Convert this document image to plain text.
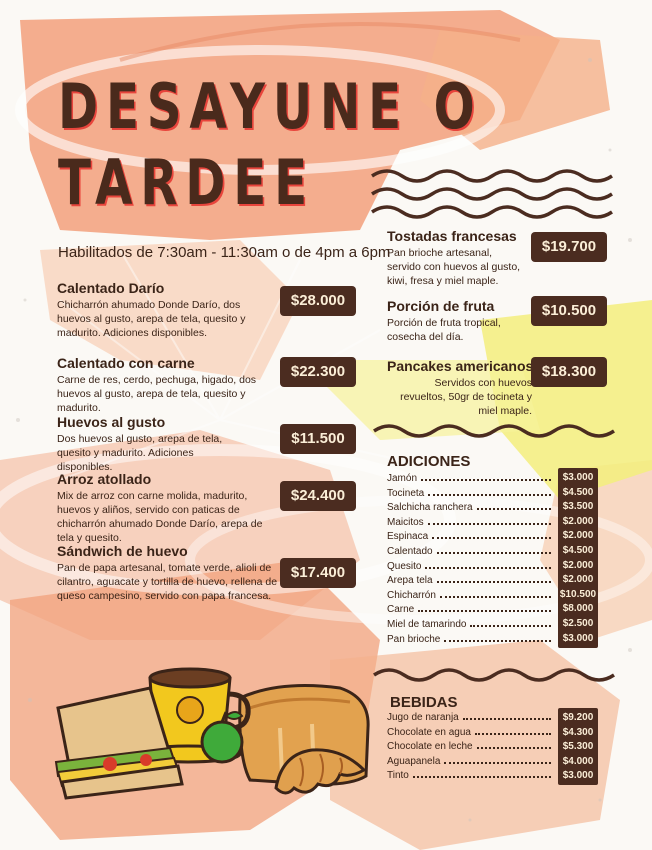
DESAYUNE O
TARDEE
Habilitados de 7:30am - 11:30am o de 4pm a 6pm
Calentado Darío
Chicharrón ahumado Donde Darío, dos huevos al gusto, arepa de tela, quesito y madurito. Adiciones disponibles.
$28.000
Calentado con carne
Carne de res, cerdo, pechuga, higado, dos huevos al gusto, arepa de tela, quesito y madurito.
$22.300
Huevos al gusto
Dos huevos al gusto, arepa de tela, quesito y madurito. Adiciones disponibles.
$11.500
Arroz atollado
Mix de arroz con carne molida, madurito, huevos y aliños, servido con paticas de chicharrón ahumado Donde Darío, arepa de tela y quesito.
$24.400
Sándwich de huevo
Pan de papa artesanal, tomate verde, alioli de cilantro, aguacate y tortilla de huevo, rellena de queso campesino, servido con papa francesa.
$17.400
Tostadas francesas
Pan brioche artesanal, servido con huevos al gusto, kiwi, fresa y miel maple.
$19.700
Porción de fruta
Porción de fruta tropical, cosecha del día.
$10.500
Pancakes americanos
Servidos con huevos revueltos, 50gr de tocineta y miel maple.
$18.300
ADICIONES
$3.000
$4.500
$3.500
$2.000
$2.000
$4.500
$2.000
$2.000
$10.500
$8.000
$2.500
$3.000
Jamón
Tocineta
Salchicha ranchera
Maicitos
Espinaca
Calentado
Quesito
Arepa tela
Chicharrón
Carne
Miel de tamarindo
Pan brioche
BEBIDAS
$9.200
$4.300
$5.300
$4.000
$3.000
Jugo de naranja
Chocolate en agua
Chocolate en leche
Aguapanela
Tinto
